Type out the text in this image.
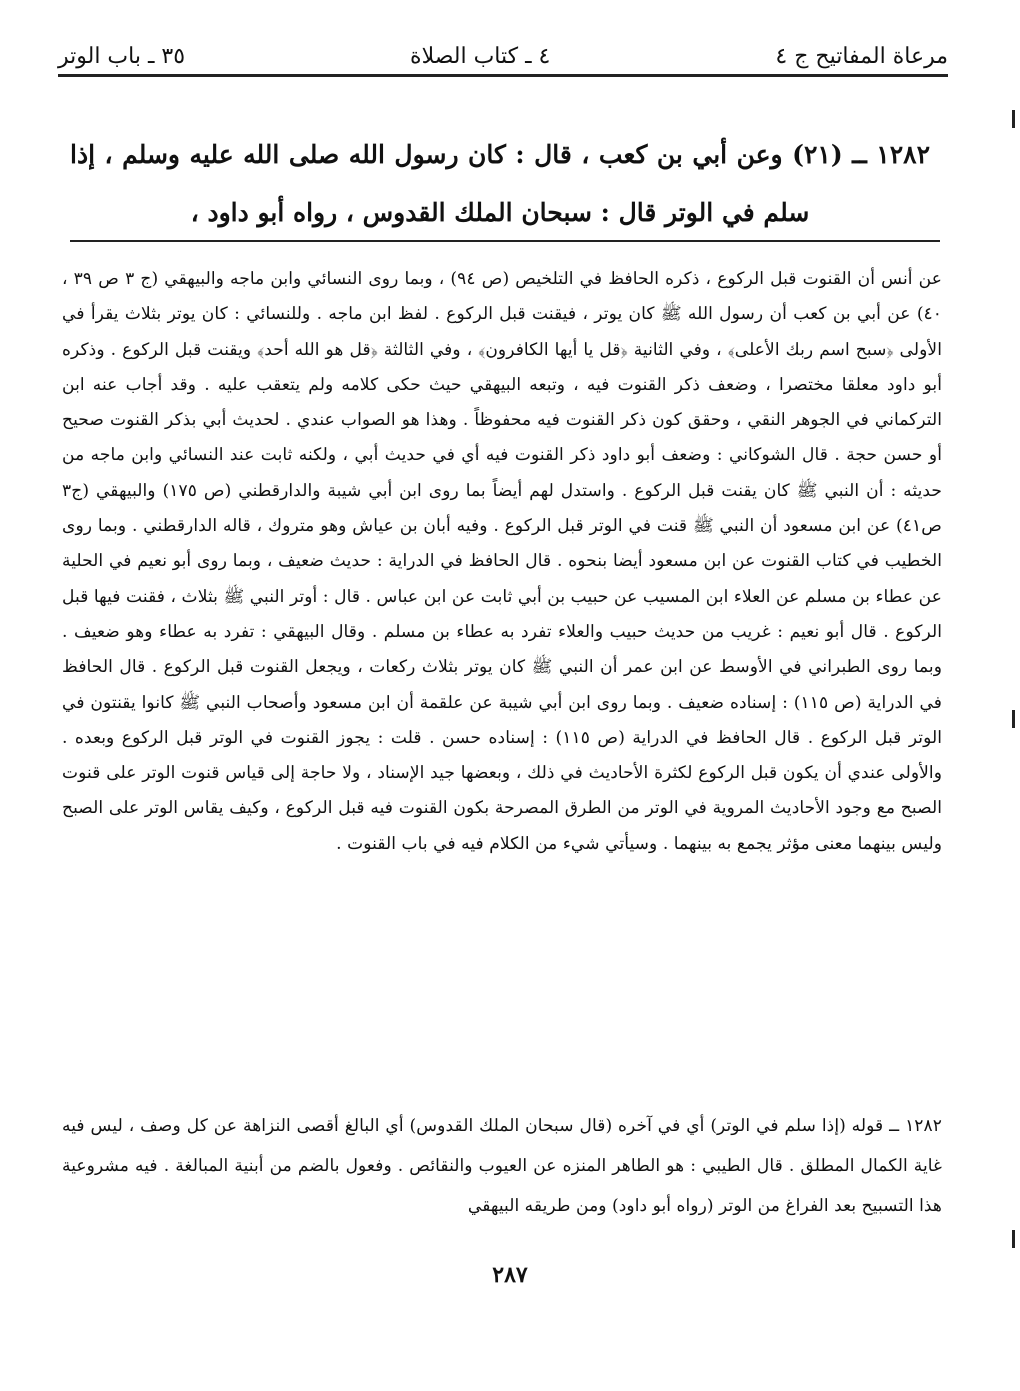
مرعاة المفاتيح ج ٤
٤ ـ كتاب الصلاة
٣٥ ـ باب الوتر
١٢٨٢ ــ (٢١) وعن أبي بن كعب ، قال : كان رسول الله صلى الله عليه وسلم ، إذا سلم في الوتر قال : سبحان الملك القدوس ، رواه أبو داود ،
عن أنس أن القنوت قبل الركوع ، ذكره الحافظ في التلخيص (ص ٩٤) ، وبما روى النسائي وابن ماجه والبيهقي (ج ٣ ص ٣٩ ، ٤٠) عن أبي بن كعب أن رسول الله ﷺ كان يوتر ، فيقنت قبل الركوع . لفظ ابن ماجه . وللنسائي : كان يوتر بثلاث يقرأ في الأولى ﴿سبح اسم ربك الأعلى﴾ ، وفي الثانية ﴿قل يا أيها الكافرون﴾ ، وفي الثالثة ﴿قل هو الله أحد﴾ ويقنت قبل الركوع . وذكره أبو داود معلقا مختصرا ، وضعف ذكر القنوت فيه ، وتبعه البيهقي حيث حكى كلامه ولم يتعقب عليه . وقد أجاب عنه ابن التركماني في الجوهر النقي ، وحقق كون ذكر القنوت فيه محفوظاً . وهذا هو الصواب عندي . لحديث أبي بذكر القنوت صحيح أو حسن حجة . قال الشوكاني : وضعف أبو داود ذكر القنوت فيه أي في حديث أبي ، ولكنه ثابت عند النسائي وابن ماجه من حديثه : أن النبي ﷺ كان يقنت قبل الركوع . واستدل لهم أيضاً بما روى ابن أبي شيبة والدارقطني (ص ١٧٥) والبيهقي (ج٣ ص٤١) عن ابن مسعود أن النبي ﷺ قنت في الوتر قبل الركوع . وفيه أبان بن عياش وهو متروك ، قاله الدارقطني . وبما روى الخطيب في كتاب القنوت عن ابن مسعود أيضا بنحوه . قال الحافظ في الدراية : حديث ضعيف ، وبما روى أبو نعيم في الحلية عن عطاء بن مسلم عن العلاء ابن المسيب عن حبيب بن أبي ثابت عن ابن عباس . قال : أوتر النبي ﷺ بثلاث ، فقنت فيها قبل الركوع . قال أبو نعيم : غريب من حديث حبيب والعلاء تفرد به عطاء بن مسلم . وقال البيهقي : تفرد به عطاء وهو ضعيف . وبما روى الطبراني في الأوسط عن ابن عمر أن النبي ﷺ كان يوتر بثلاث ركعات ، ويجعل القنوت قبل الركوع . قال الحافظ في الدراية (ص ١١٥) : إسناده ضعيف . وبما روى ابن أبي شيبة عن علقمة أن ابن مسعود وأصحاب النبي ﷺ كانوا يقنتون في الوتر قبل الركوع . قال الحافظ في الدراية (ص ١١٥) : إسناده حسن . قلت : يجوز القنوت في الوتر قبل الركوع وبعده . والأولى عندي أن يكون قبل الركوع لكثرة الأحاديث في ذلك ، وبعضها جيد الإسناد ، ولا حاجة إلى قياس قنوت الوتر على قنوت الصبح مع وجود الأحاديث المروية في الوتر من الطرق المصرحة بكون القنوت فيه قبل الركوع ، وكيف يقاس الوتر على الصبح وليس بينهما معنى مؤثر يجمع به بينهما . وسيأتي شيء من الكلام فيه في باب القنوت .
١٢٨٢ ــ قوله (إذا سلم في الوتر) أي في آخره (قال سبحان الملك القدوس) أي البالغ أقصى النزاهة عن كل وصف ، ليس فيه غاية الكمال المطلق . قال الطيبي : هو الطاهر المنزه عن العيوب والنقائص . وفعول بالضم من أبنية المبالغة . فيه مشروعية هذا التسبيح بعد الفراغ من الوتر (رواه أبو داود) ومن طريقه البيهقي
٢٨٧
